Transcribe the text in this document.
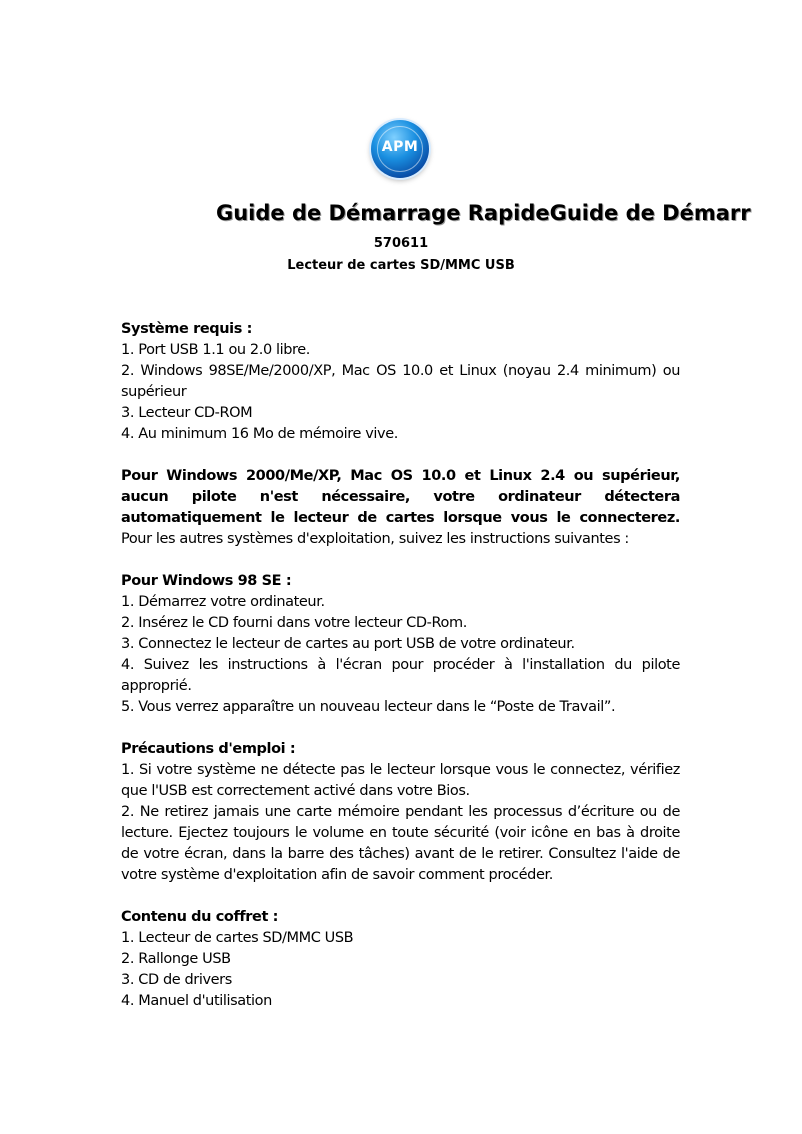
APM
Guide de Démarrage RapideGuide de Démarr
570611
Lecteur de cartes SD/MMC USB

Système requis :

1. Port USB 1.1 ou 2.0 libre.

2. Windows 98SE/Me/2000/XP, Mac OS 10.0 et Linux (noyau 2.4 minimum) ou supérieur

3. Lecteur CD-ROM

4. Au minimum 16 Mo de mémoire vive.

Pour Windows 2000/Me/XP, Mac OS 10.0 et Linux 2.4 ou supérieur, aucun pilote n'est nécessaire, votre ordinateur détectera automatiquement le lecteur de cartes lorsque vous le connecterez. Pour les autres systèmes d'exploitation, suivez les instructions suivantes :

Pour Windows 98 SE :

1. Démarrez votre ordinateur.

2. Insérez le CD fourni dans votre lecteur CD-Rom.

3. Connectez le lecteur de cartes au port USB de votre ordinateur.

4. Suivez les instructions à l'écran pour procéder à l'installation du pilote approprié.

5. Vous verrez apparaître un nouveau lecteur dans le “Poste de Travail”.

Précautions d'emploi :

1. Si votre système ne détecte pas le lecteur lorsque vous le connectez, vérifiez que l'USB est correctement activé dans votre Bios.

2. Ne retirez jamais une carte mémoire pendant les processus d’écriture ou de lecture. Ejectez toujours le volume en toute sécurité (voir icône en bas à droite de votre écran, dans la barre des tâches) avant de le retirer. Consultez l'aide de votre système d'exploitation afin de savoir comment procéder.

Contenu du coffret :

1. Lecteur de cartes SD/MMC USB

2. Rallonge USB

3. CD de drivers

4. Manuel d'utilisation
